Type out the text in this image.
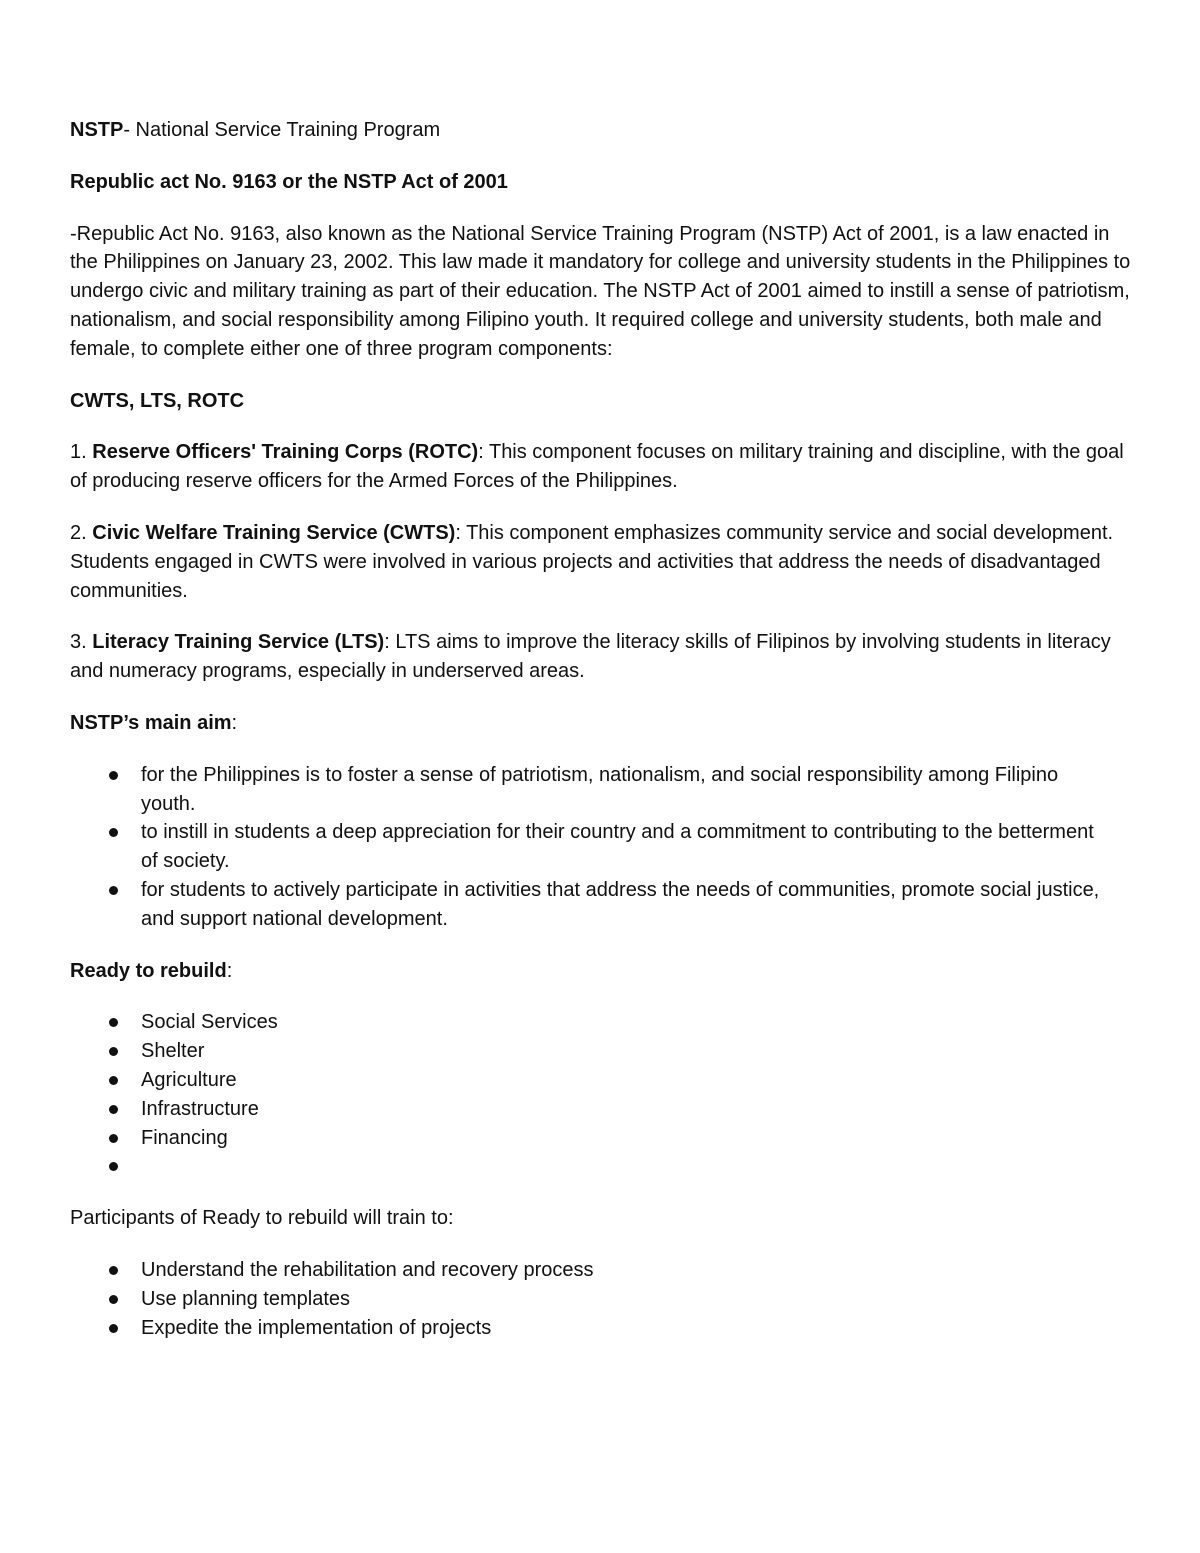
NSTP- National Service Training Program

Republic act No. 9163 or the NSTP Act of 2001

-Republic Act No. 9163, also known as the National Service Training Program (NSTP) Act of 2001, is a law enacted in the Philippines on January 23, 2002. This law made it mandatory for college and university students in the Philippines to undergo civic and military training as part of their education. The NSTP Act of 2001 aimed to instill a sense of patriotism, nationalism, and social responsibility among Filipino youth. It required college and university students, both male and female, to complete either one of three program components:

CWTS, LTS, ROTC

1. Reserve Officers' Training Corps (ROTC): This component focuses on military training and discipline, with the goal of producing reserve officers for the Armed Forces of the Philippines.

2. Civic Welfare Training Service (CWTS): This component emphasizes community service and social development. Students engaged in CWTS were involved in various projects and activities that address the needs of disadvantaged communities.

3. Literacy Training Service (LTS): LTS aims to improve the literacy skills of Filipinos by involving students in literacy and numeracy programs, especially in underserved areas.

NSTP’s main aim:

for the Philippines is to foster a sense of patriotism, nationalism, and social responsibility among Filipino youth.
to instill in students a deep appreciation for their country and a commitment to contributing to the betterment of society.
for students to actively participate in activities that address the needs of communities, promote social justice, and support national development.

Ready to rebuild:

Social Services
Shelter
Agriculture
Infrastructure
Financing

Participants of Ready to rebuild will train to:

Understand the rehabilitation and recovery process
Use planning templates
Expedite the implementation of projects
